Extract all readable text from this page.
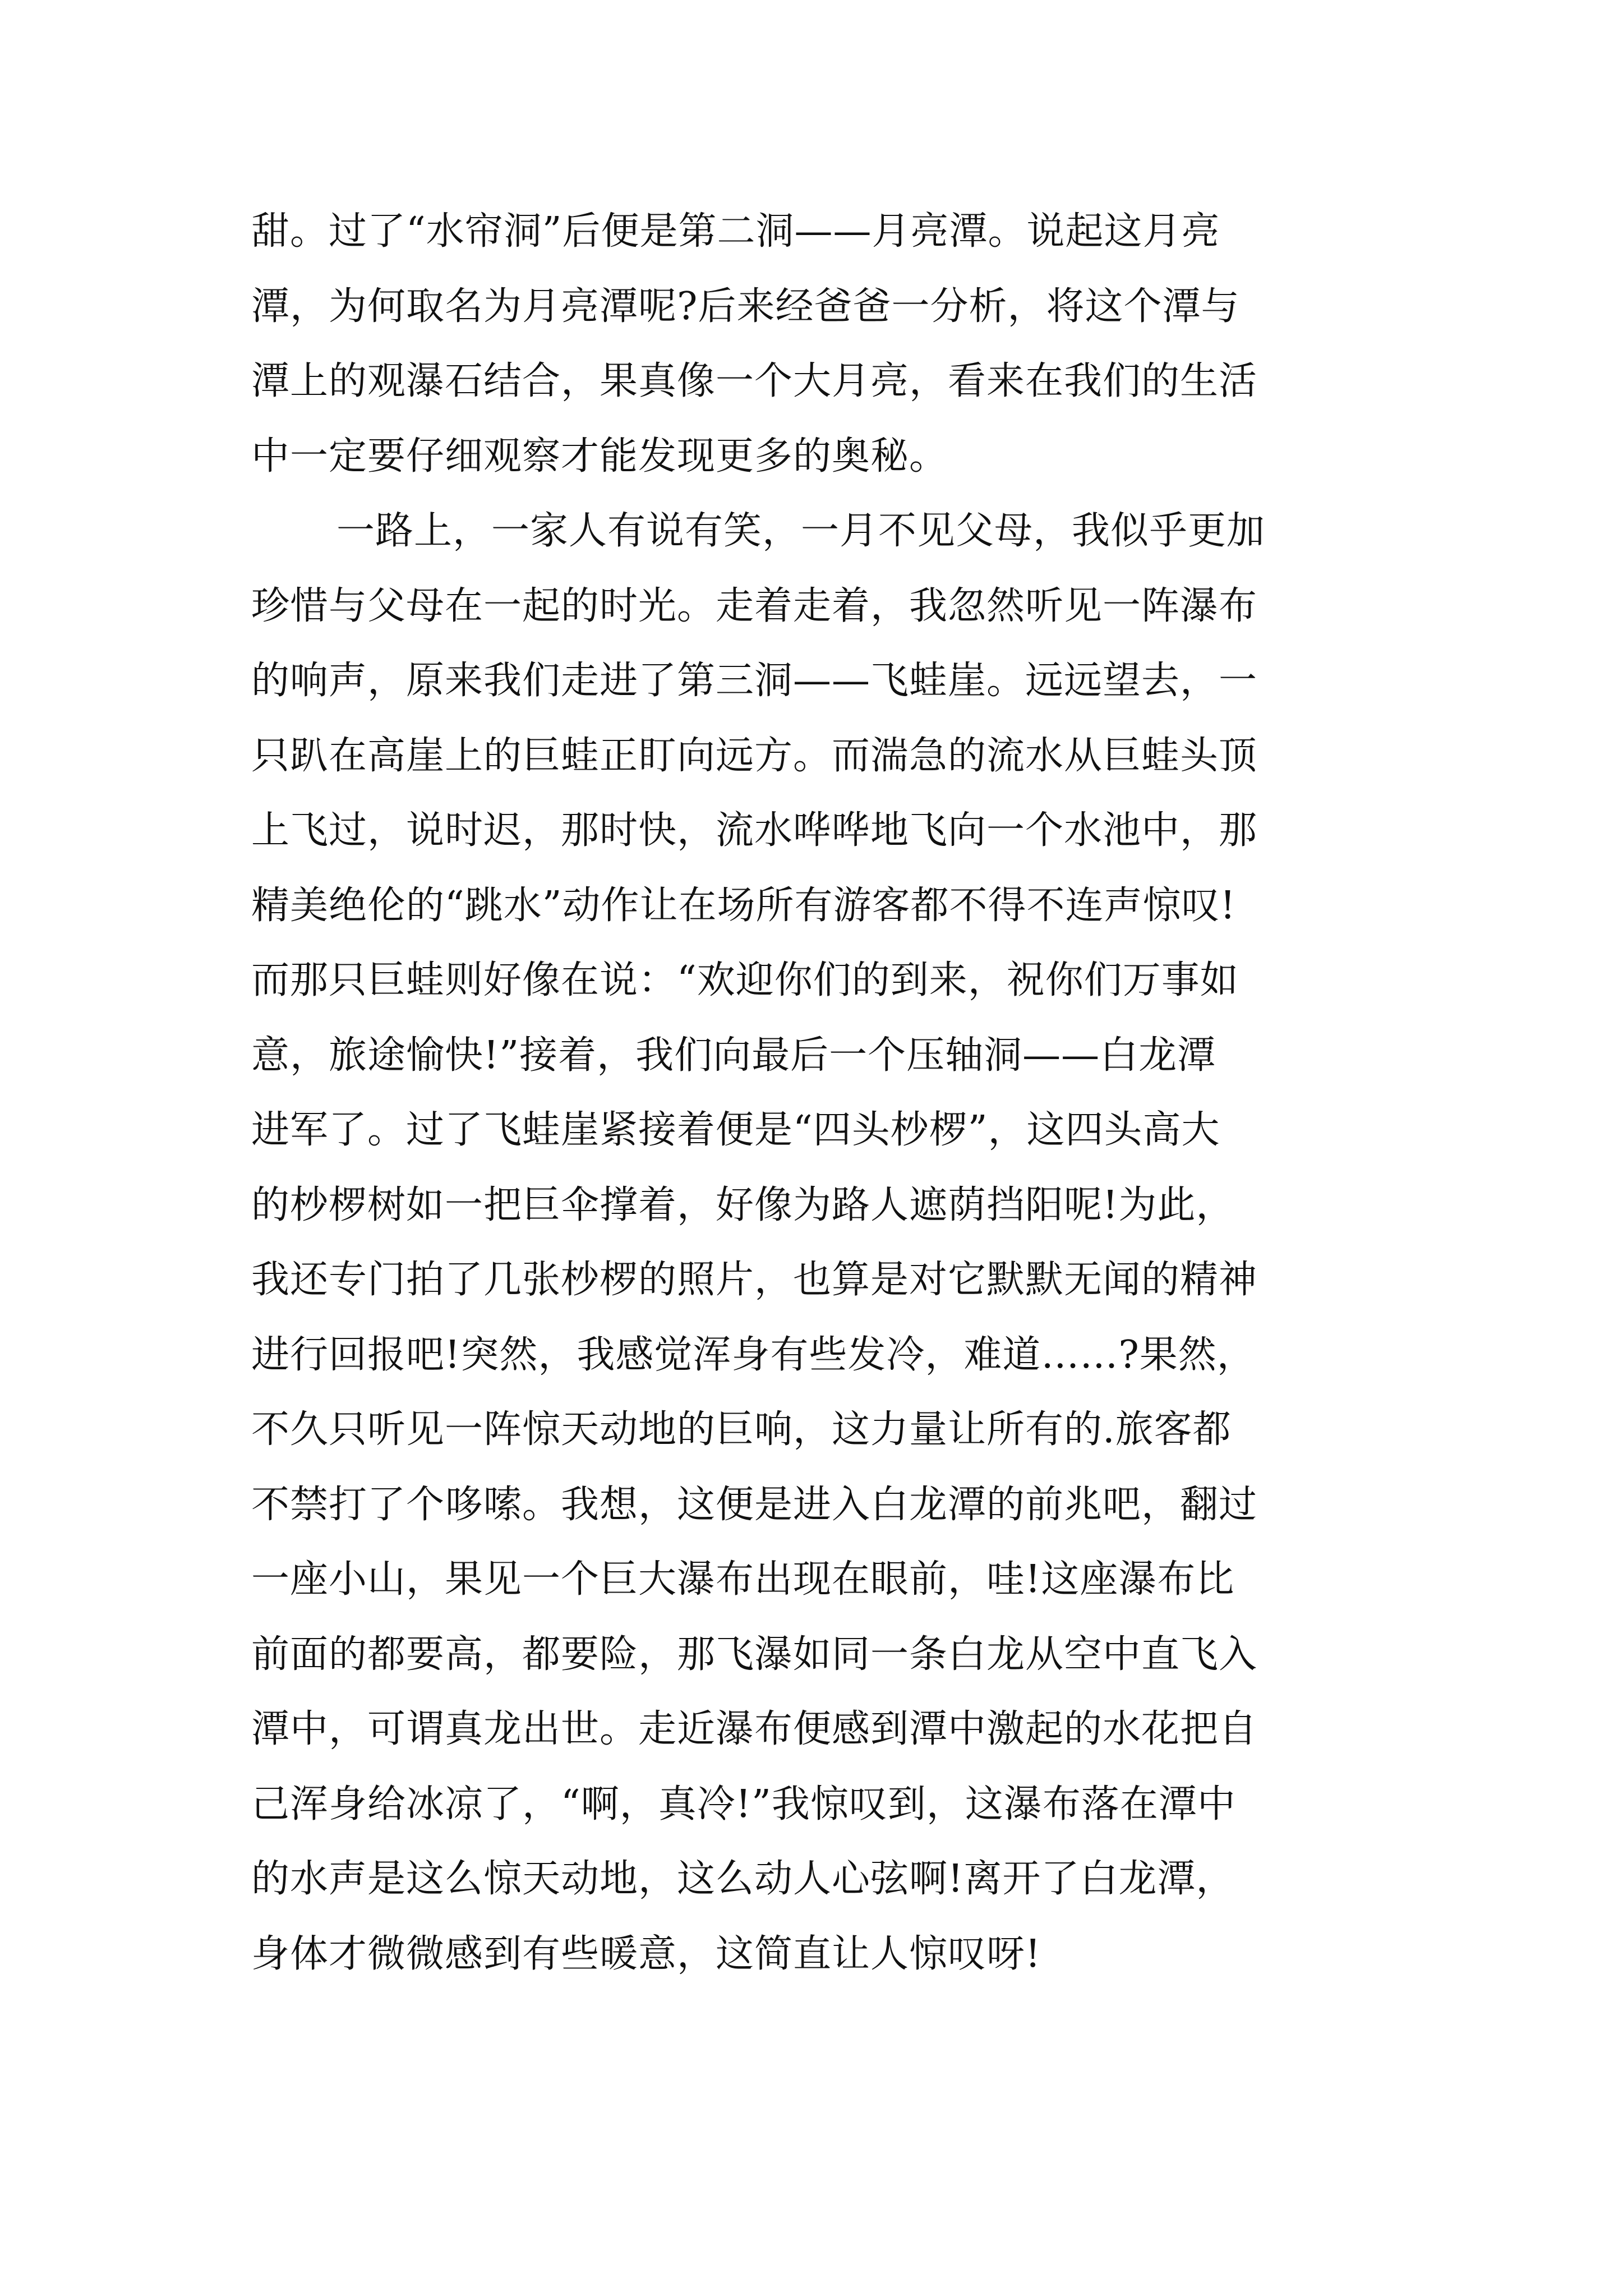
甜。过了“水帘洞”后便是第二洞——月亮潭。说起这月亮
潭，为何取名为月亮潭呢?后来经爸爸一分析，将这个潭与
潭上的观瀑石结合，果真像一个大月亮，看来在我们的生活
中一定要仔细观察才能发现更多的奥秘。
一路上，一家人有说有笑，一月不见父母，我似乎更加
珍惜与父母在一起的时光。走着走着，我忽然听见一阵瀑布
的响声，原来我们走进了第三洞——飞蛙崖。远远望去，一
只趴在高崖上的巨蛙正盯向远方。而湍急的流水从巨蛙头顶
上飞过，说时迟，那时快，流水哗哗地飞向一个水池中，那
精美绝伦的“跳水”动作让在场所有游客都不得不连声惊叹!
而那只巨蛙则好像在说：“欢迎你们的到来，祝你们万事如
意，旅途愉快!”接着，我们向最后一个压轴洞——白龙潭
进军了。过了飞蛙崖紧接着便是“四头杪椤”，这四头高大
的杪椤树如一把巨伞撑着，好像为路人遮荫挡阳呢!为此，
我还专门拍了几张杪椤的照片，也算是对它默默无闻的精神
进行回报吧!突然，我感觉浑身有些发冷，难道……?果然，
不久只听见一阵惊天动地的巨响，这力量让所有的.旅客都
不禁打了个哆嗦。我想，这便是进入白龙潭的前兆吧，翻过
一座小山，果见一个巨大瀑布出现在眼前，哇!这座瀑布比
前面的都要高，都要险，那飞瀑如同一条白龙从空中直飞入
潭中，可谓真龙出世。走近瀑布便感到潭中激起的水花把自
己浑身给冰凉了，“啊，真冷!”我惊叹到，这瀑布落在潭中
的水声是这么惊天动地，这么动人心弦啊!离开了白龙潭，
身体才微微感到有些暖意，这简直让人惊叹呀!
